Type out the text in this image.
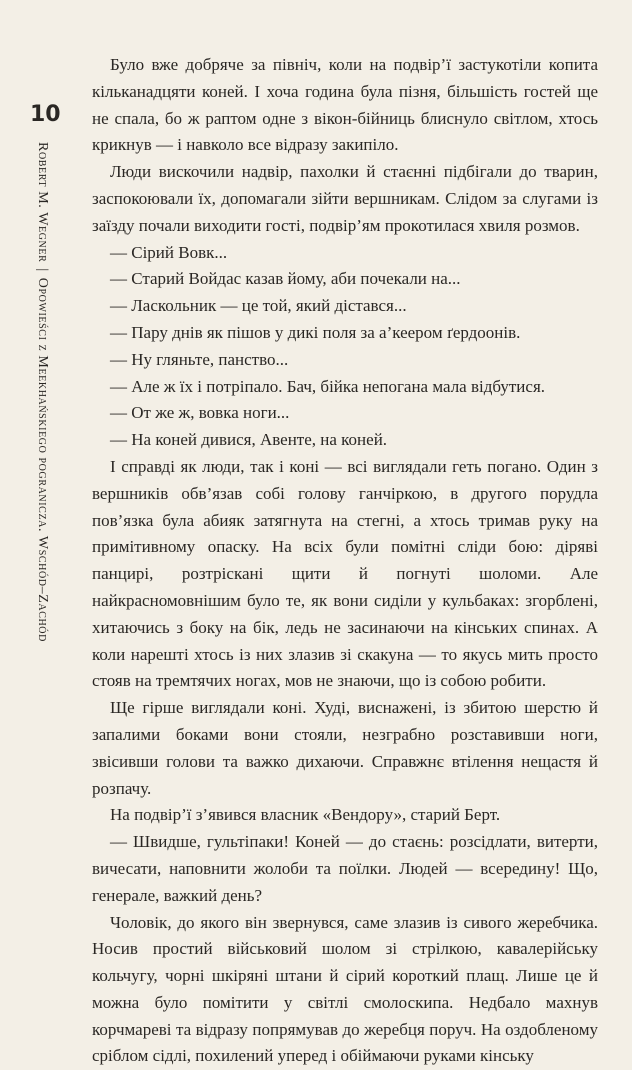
10
Robert M. Wegner|Opowieści z Meekhańskiego pogranicza. Wschód–Zachód

Було вже добряче за північ, коли на подвір’ї застукотіли копита кільканадцяти коней. І хоча година була пізня, більшість гостей ще не спала, бо ж раптом одне з вікон-бійниць блиснуло світлом, хтось крикнув — і навколо все відразу закипіло.

Люди вискочили надвір, пахолки й стаєнні підбігали до тварин, заспокоювали їх, допомагали зійти вершникам. Слідом за слугами із заїзду почали виходити гості, подвір’ям прокотилася хвиля розмов.

— Сірий Вовк...

— Старий Войдас казав йому, аби почекали на...

— Ласкольник — це той, який дістався...

— Пару днів як пішов у дикі поля за а’кеером ґердоонів.

— Ну гляньте, панство...

— Але ж їх і потріпало. Бач, бійка непогана мала відбутися.

— От же ж, вовка ноги...

— На коней дивися, Авенте, на коней.

І справді як люди, так і коні — всі виглядали геть погано. Один з вершників обв’язав собі голову ганчіркою, в другого порудла пов’язка була абияк затягнута на стегні, а хтось тримав руку на примітивному опаску. На всіх були помітні сліди бою: діряві панцирі, розтріскані щити й погнуті шоломи. Але найкрасномовнішим було те, як вони сиділи у кульбаках: згорблені, хитаючись з боку на бік, ледь не засинаючи на кінських спинах. А коли нарешті хтось із них злазив зі скакуна — то якусь мить просто стояв на тремтячих ногах, мов не знаючи, що із собою робити.

Ще гірше виглядали коні. Худі, виснажені, із збитою шерстю й запалими боками вони стояли, незграбно розставивши ноги, звісивши голови та важко дихаючи. Справжнє втілення нещастя й розпачу.

На подвір’ї з’явився власник «Вендору», старий Берт.

— Швидше, гультіпаки! Коней — до стаєнь: розсідлати, витерти, вичесати, наповнити жолоби та поїлки. Людей — всередину! Що, генерале, важкий день?

Чоловік, до якого він звернувся, саме злазив із сивого жеребчика. Носив простий військовий шолом зі стрілкою, кавалерійську кольчугу, чорні шкіряні штани й сірий короткий плащ. Лише це й можна було помітити у світлі смолоскипа. Недбало махнув корчмареві та відразу попрямував до жеребця поруч. На оздобленому сріблом сідлі, похилений уперед і обіймаючи руками кінську
